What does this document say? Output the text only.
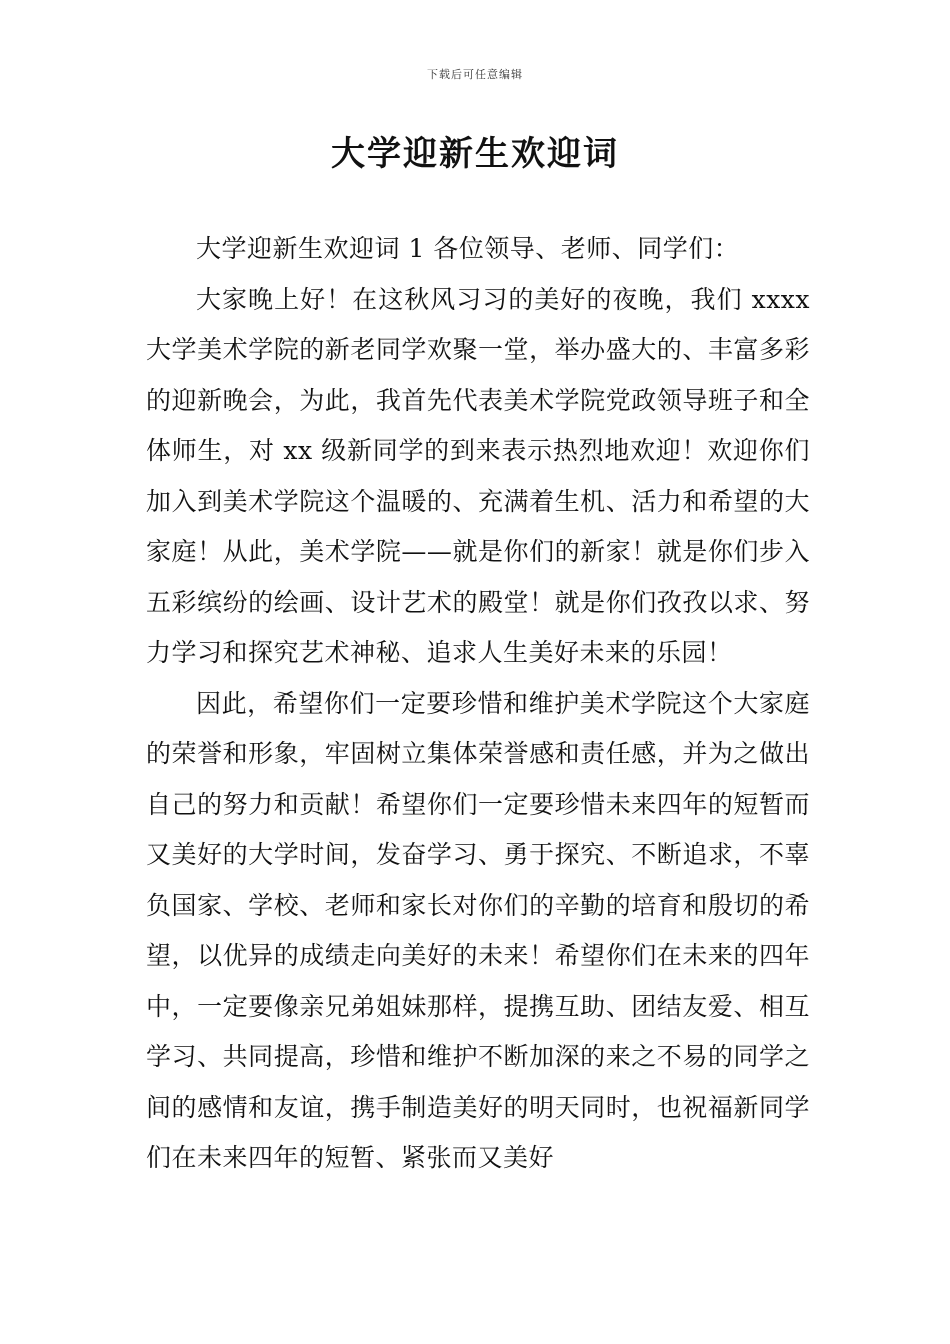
下载后可任意编辑
大学迎新生欢迎词

大学迎新生欢迎词 1 各位领导、老师、同学们：

大家晚上好！在这秋风习习的美好的夜晚，我们 xxxx 大学美术学院的新老同学欢聚一堂，举办盛大的、丰富多彩的迎新晚会，为此，我首先代表美术学院党政领导班子和全体师生，对 xx 级新同学的到来表示热烈地欢迎！欢迎你们加入到美术学院这个温暖的、充满着生机、活力和希望的大家庭！从此，美术学院——就是你们的新家！就是你们步入五彩缤纷的绘画、设计艺术的殿堂！就是你们孜孜以求、努力学习和探究艺术神秘、追求人生美好未来的乐园！

因此，希望你们一定要珍惜和维护美术学院这个大家庭的荣誉和形象，牢固树立集体荣誉感和责任感，并为之做出自己的努力和贡献！希望你们一定要珍惜未来四年的短暂而又美好的大学时间，发奋学习、勇于探究、不断追求，不辜负国家、学校、老师和家长对你们的辛勤的培育和殷切的希望，以优异的成绩走向美好的未来！希望你们在未来的四年中，一定要像亲兄弟姐妹那样，提携互助、团结友爱、相互学习、共同提高，珍惜和维护不断加深的来之不易的同学之间的感情和友谊，携手制造美好的明天同时，也祝福新同学们在未来四年的短暂、紧张而又美好
